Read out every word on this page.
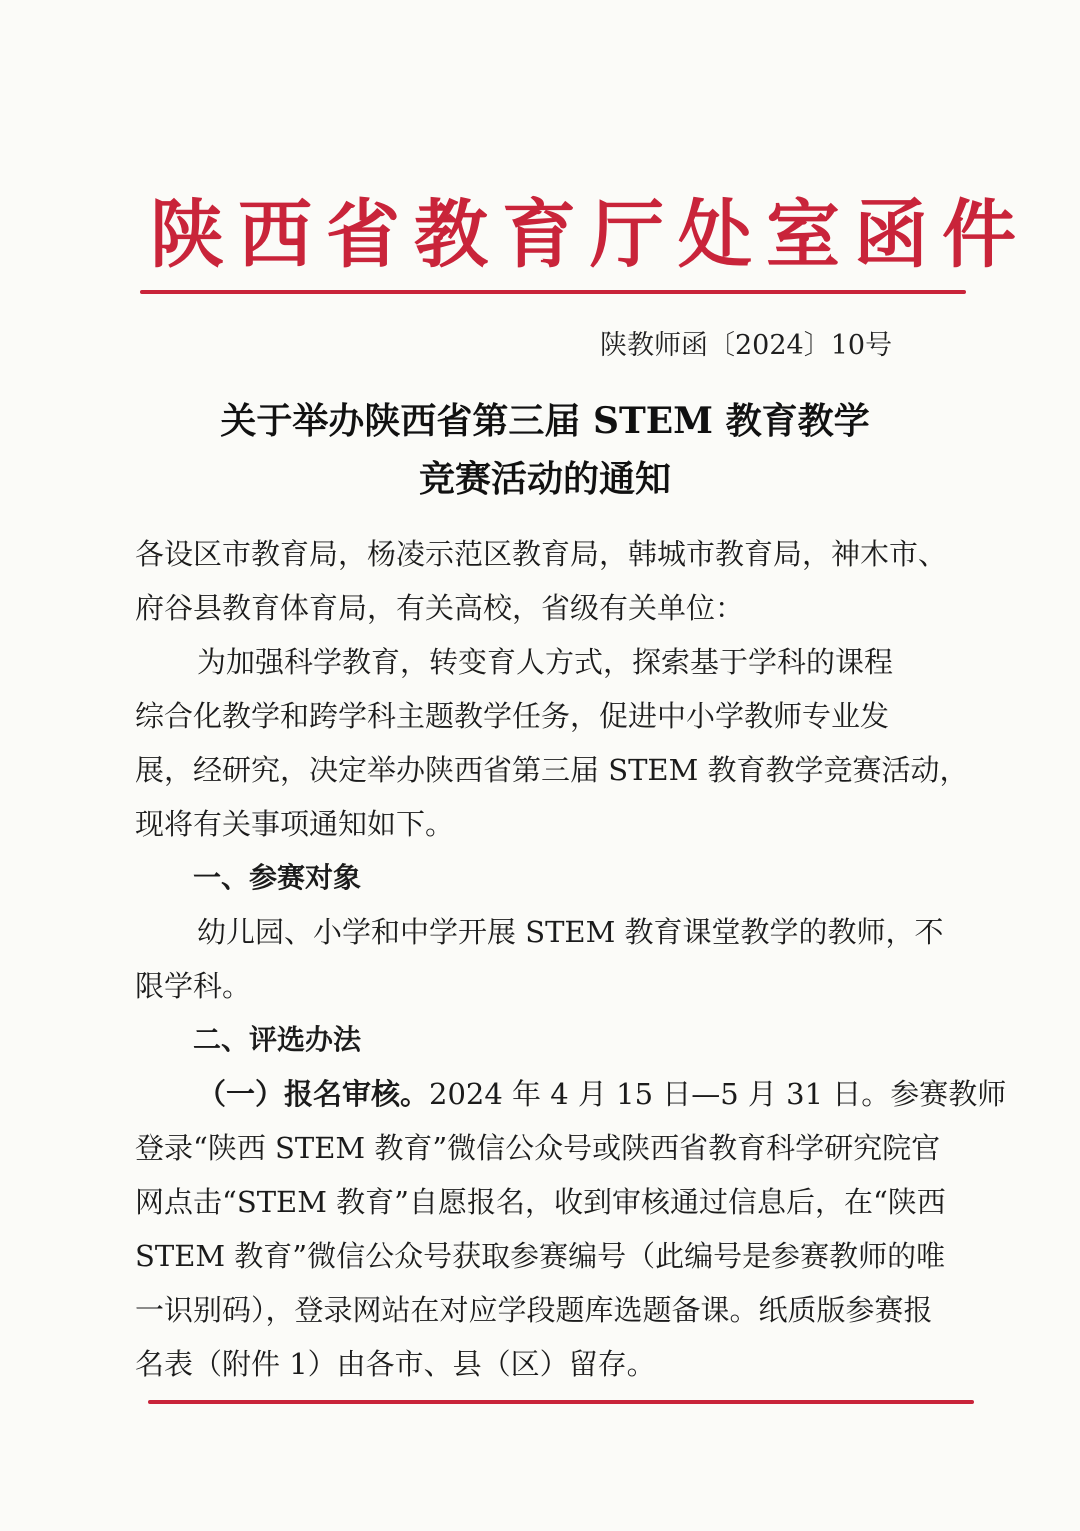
陕西省教育厅处室函件
陕教师函〔2024〕10号
关于举办陕西省第三届 STEM 教育教学
竞赛活动的通知
各设区市教育局，杨凌示范区教育局，韩城市教育局，神木市、
府谷县教育体育局，有关高校，省级有关单位：
为加强科学教育，转变育人方式，探索基于学科的课程
综合化教学和跨学科主题教学任务，促进中小学教师专业发
展，经研究，决定举办陕西省第三届 STEM 教育教学竞赛活动，
现将有关事项通知如下。
一、参赛对象
幼儿园、小学和中学开展 STEM 教育课堂教学的教师，不
限学科。
二、评选办法
（一）报名审核。2024 年 4 月 15 日—5 月 31 日。参赛教师
登录“陕西 STEM 教育”微信公众号或陕西省教育科学研究院官
网点击“STEM 教育”自愿报名，收到审核通过信息后，在“陕西
STEM 教育”微信公众号获取参赛编号（此编号是参赛教师的唯
一识别码），登录网站在对应学段题库选题备课。纸质版参赛报
名表（附件 1）由各市、县（区）留存。
